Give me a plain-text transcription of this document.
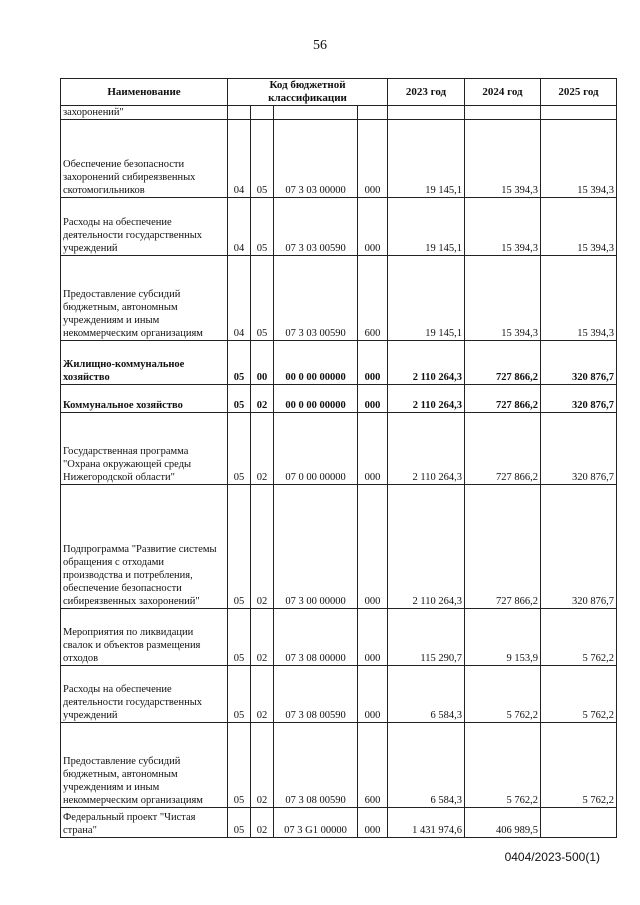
56
Наименование	Код бюджетной классификации				2023 год	2024 год	2025 год
захоронений"							
Обеспечение безопасности захоронений сибиреязвенных скотомогильников	04	05	07 3 03 00000	000	19 145,1	15 394,3	15 394,3
Расходы на обеспечение деятельности государственных учреждений	04	05	07 3 03 00590	000	19 145,1	15 394,3	15 394,3
Предоставление субсидий бюджетным, автономным учреждениям и иным некоммерческим организациям	04	05	07 3 03 00590	600	19 145,1	15 394,3	15 394,3
Жилищно-коммунальное хозяйство	05	00	00 0 00 00000	000	2 110 264,3	727 866,2	320 876,7
Коммунальное хозяйство	05	02	00 0 00 00000	000	2 110 264,3	727 866,2	320 876,7
Государственная программа "Охрана окружающей среды Нижегородской области"	05	02	07 0 00 00000	000	2 110 264,3	727 866,2	320 876,7
Подпрограмма "Развитие системы обращения с отходами производства и потребления, обеспечение безопасности сибиреязвенных захоронений"	05	02	07 3 00 00000	000	2 110 264,3	727 866,2	320 876,7
Мероприятия по ликвидации свалок и объектов размещения отходов	05	02	07 3 08 00000	000	115 290,7	9 153,9	5 762,2
Расходы на обеспечение деятельности государственных учреждений	05	02	07 3 08 00590	000	6 584,3	5 762,2	5 762,2
Предоставление субсидий бюджетным, автономным учреждениям и иным некоммерческим организациям	05	02	07 3 08 00590	600	6 584,3	5 762,2	5 762,2
Федеральный проект "Чистая страна"	05	02	07 3 G1 00000	000	1 431 974,6	406 989,5	
0404/2023-500(1)
